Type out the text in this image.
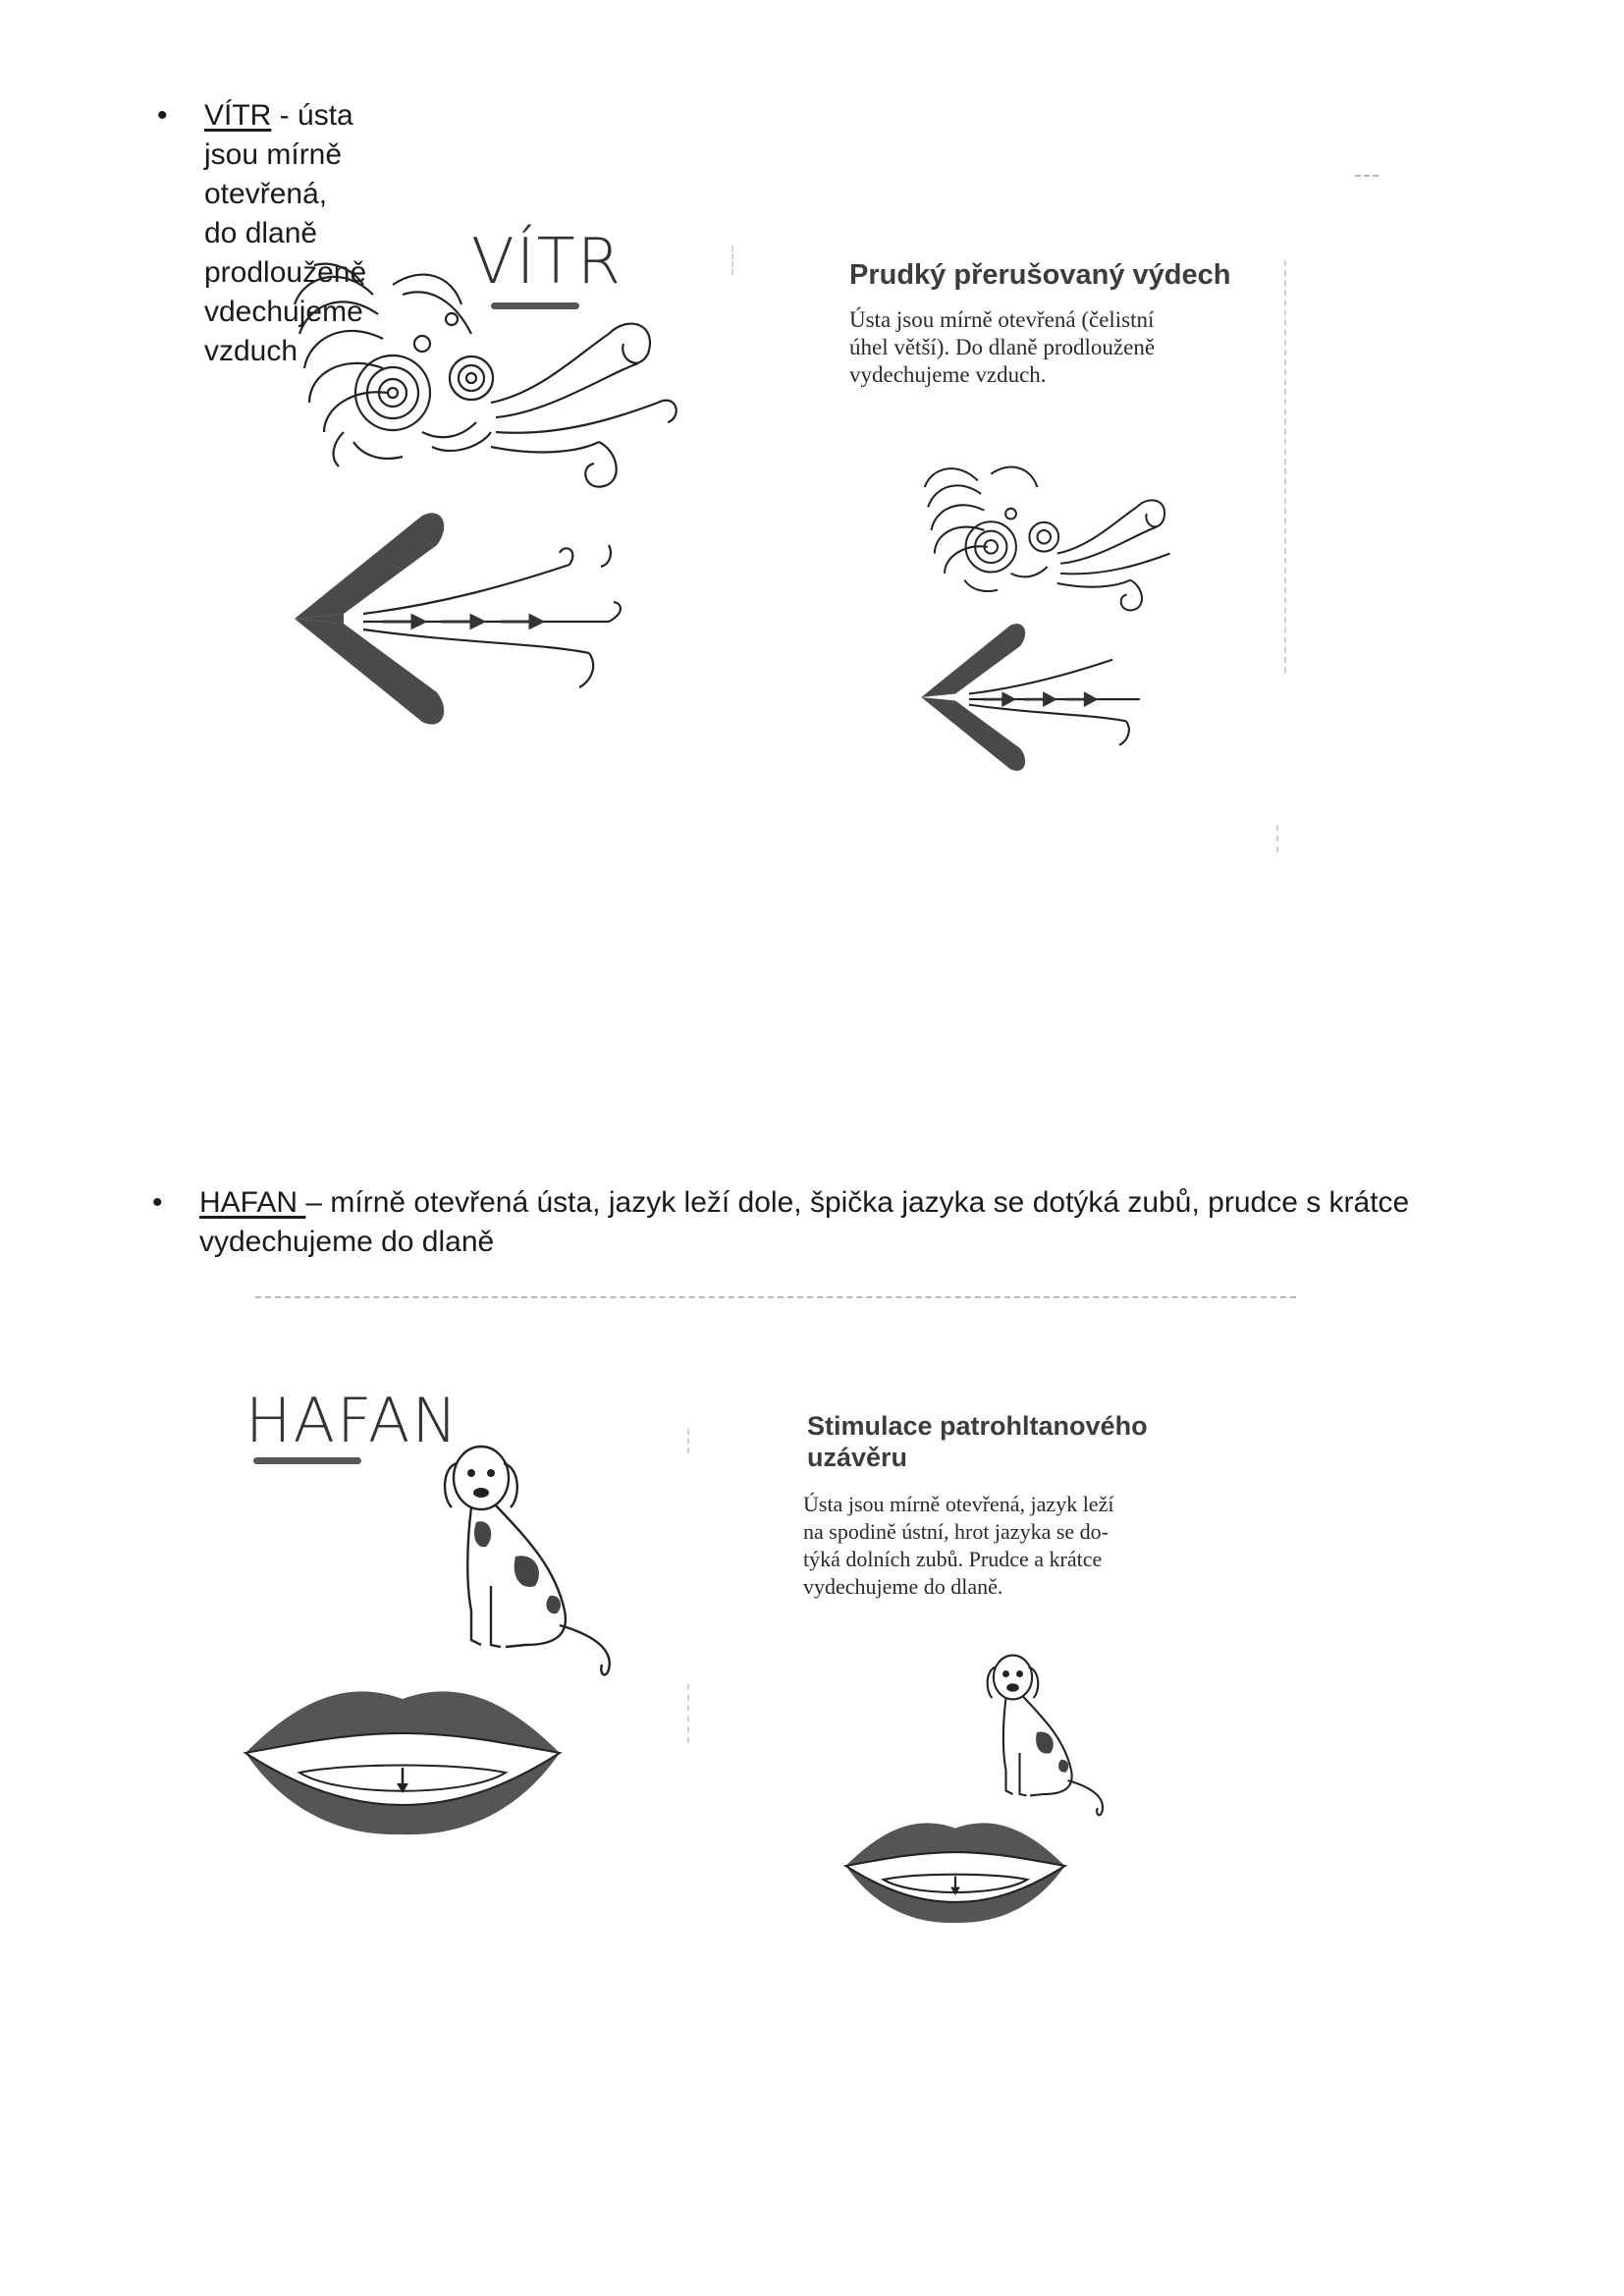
• VÍTR - ústa jsou mírně otevřená, do dlaně prodlouženě vdechujeme vzduch
VÍTR	Prudký přerušovaný výdech
Ústa jsou mírně otevřená (čelistní
úhel větší). Do dlaně prodlouženě
vydechujeme vzduch.
• HAFAN – mírně otevřená ústa, jazyk leží dole, špička jazyka se dotýká zubů, prudce s krátce
vydechujeme do dlaně
HAFAN	Stimulace patrohltanového
uzávěru
Ústa jsou mírně otevřená, jazyk leží
na spodině ústní, hrot jazyka se do-
týká dolních zubů. Prudce a krátce
vydechujeme do dlaně.
